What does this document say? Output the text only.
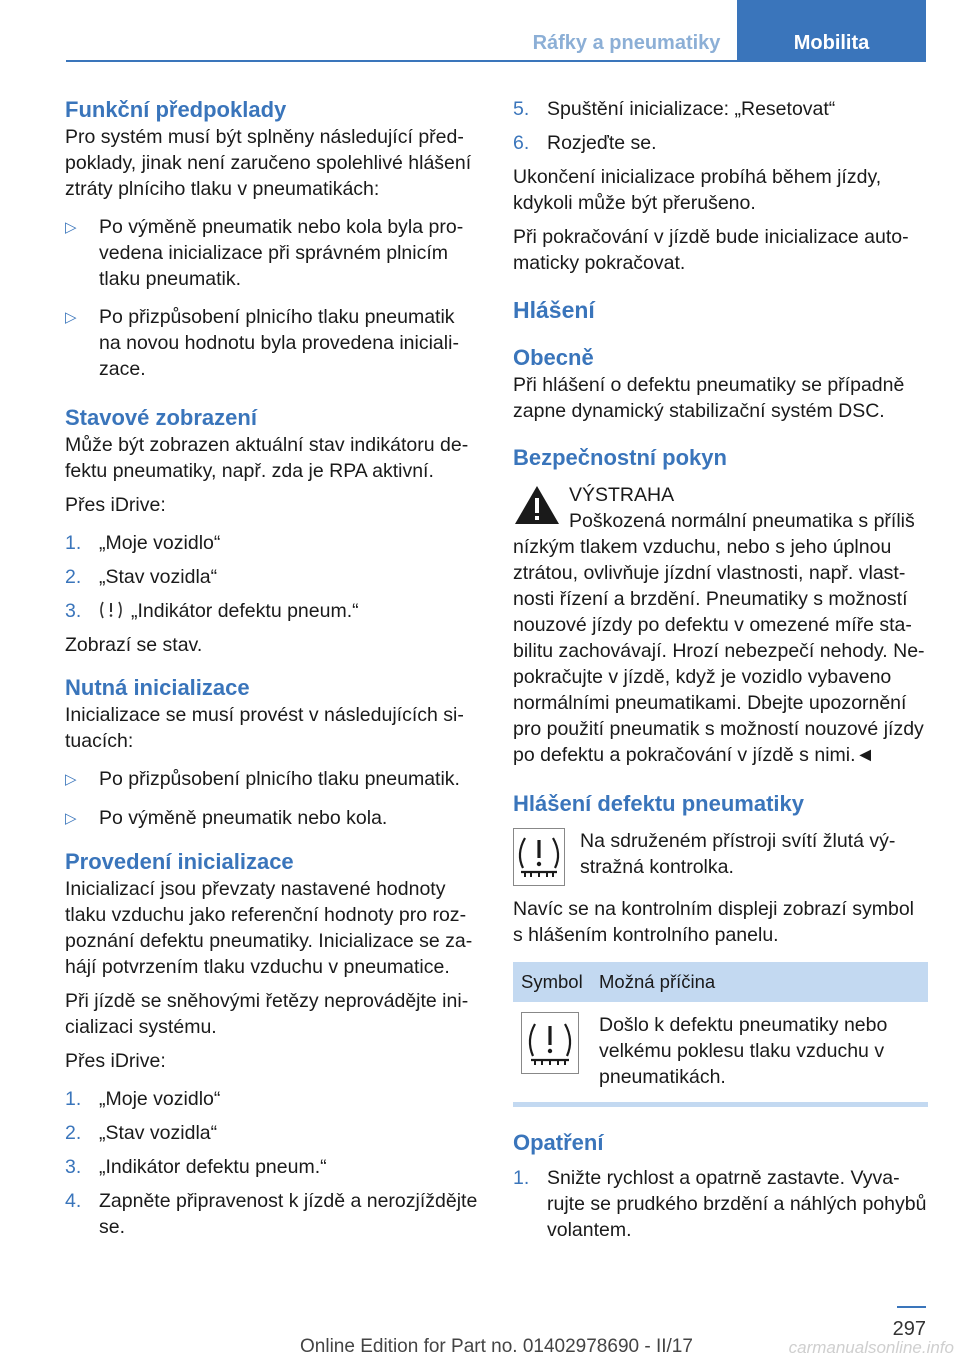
Ráfky a pneumatiky	Mobilita
Funkční předpoklady

Pro systém musí být splněny následující předpoklady, jinak není zaručeno spolehlivé hlášení ztráty plníciho tlaku v pneumatikách:

▷	Po výměně pneumatik nebo kola byla provedena inicializace při správném plnicím tlaku pneumatik.
▷	Po přizpůsobení plnicího tlaku pneumatik na novou hodnotu byla provedena inicializace.
Stavové zobrazení

Může být zobrazen aktuální stav indikátoru defektu pneumatiky, např. zda je RPA aktivní.

Přes iDrive:

1. „Moje vozidlo“
2. „Stav vozidla“
3.	„Indikátor defektu pneum.“

Zobrazí se stav.

Nutná inicializace

Inicializace se musí provést v následujících situacích:

▷	Po přizpůsobení plnicího tlaku pneumatik.
▷	Po výměně pneumatik nebo kola.
Provedení inicializace

Inicializací jsou převzaty nastavené hodnoty tlaku vzduchu jako referenční hodnoty pro rozpoznání defektu pneumatiky. Inicializace se zahájí potvrzením tlaku vzduchu v pneumatice.

Při jízdě se sněhovými řetězy neprovádějte inicializaci systému.

Přes iDrive:

1. „Moje vozidlo“
2. „Stav vozidla“
3. „Indikátor defektu pneum.“
4. Zapněte připravenost k jízdě a nerozjíždějte se.
5. Spuštění inicializace: „Resetovat“
6. Rozjeďte se.

Ukončení inicializace probíhá během jízdy, kdykoli může být přerušeno.

Při pokračování v jízdě bude inicializace automaticky pokračovat.

Hlášení
Obecně

Při hlášení o defektu pneumatiky se případně zapne dynamický stabilizační systém DSC.

Bezpečnostní pokyn
VÝSTRAHA
Poškozená normální pneumatika s příliš

nízkým tlakem vzduchu, nebo s jeho úplnou ztrátou, ovlivňuje jízdní vlastnosti, např. vlastnosti řízení a brzdění. Pneumatiky s možností nouzové jízdy po defektu v omezené míře stabilitu zachovávají. Hrozí nebezpečí nehody. Nepokračujte v jízdě, když je vozidlo vybaveno normálními pneumatikami. Dbejte upozornění pro použití pneumatik s možností nouzové jízdy po defektu a pokračování v jízdě s nimi.◄

Hlášení defektu pneumatiky

Na sdruženém přístroji svítí žlutá výstražná kontrolka.

Navíc se na kontrolním displeji zobrazí symbol s hlášením kontrolního panelu.

Symbol Možná příčina
Došlo k defektu pneumatiky nebo velkému poklesu tlaku vzduchu v pneumatikách.
Opatření
1. Snižte rychlost a opatrně zastavte. Vyvarujte se prudkého brzdění a náhlých pohybů volantem.
297
Online Edition for Part no. 01402978690 - II/17	carmanualsonline.info
